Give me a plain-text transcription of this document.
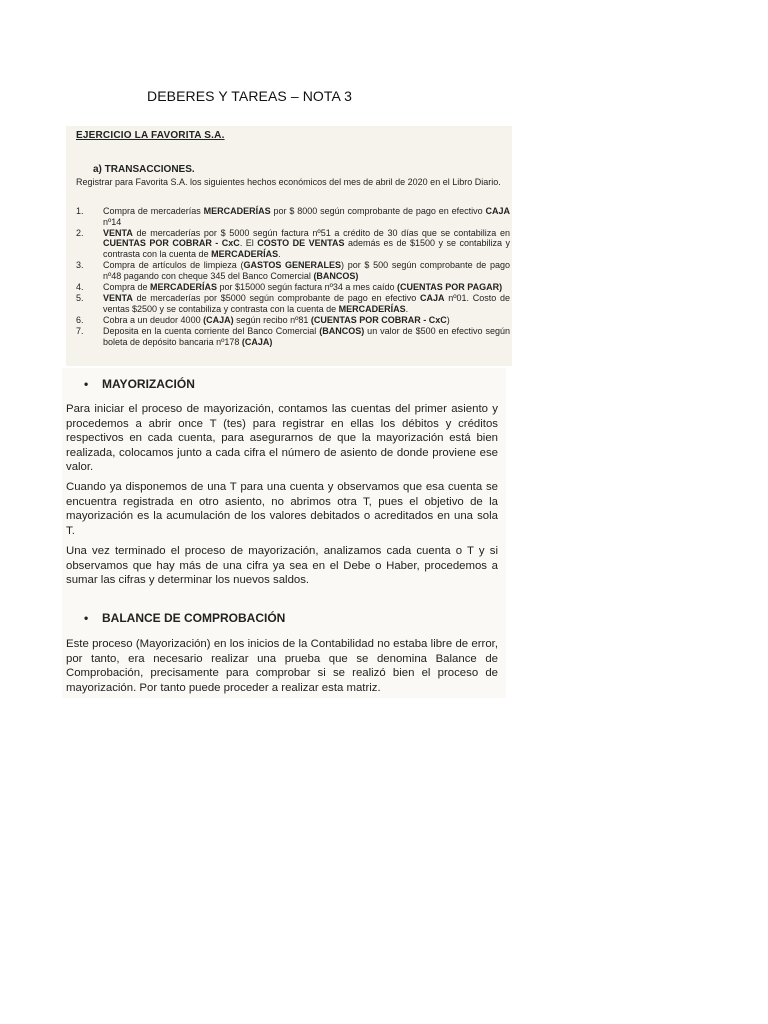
DEBERES Y TAREAS – NOTA 3
EJERCICIO LA FAVORITA S.A.
a) TRANSACCIONES.
Registrar para Favorita S.A. los siguientes hechos económicos del mes de abril de 2020 en el Libro Diario.
1. Compra de mercaderías MERCADERÍAS por $ 8000 según comprobante de pago en efectivo CAJA nº14
2. VENTA de mercaderías por $ 5000 según factura nº51 a crédito de 30 días que se contabiliza en CUENTAS POR COBRAR - CxC. El COSTO DE VENTAS además es de $1500 y se contabiliza y contrasta con la cuenta de MERCADERÍAS.
3. Compra de artículos de limpieza (GASTOS GENERALES) por $ 500 según comprobante de pago nº48 pagando con cheque 345 del Banco Comercial (BANCOS)
4. Compra de MERCADERÍAS por $15000 según factura nº34 a mes caído (CUENTAS POR PAGAR)
5. VENTA de mercaderías por $5000 según comprobante de pago en efectivo CAJA nº01. Costo de ventas $2500 y se contabiliza y contrasta con la cuenta de MERCADERÍAS.
6. Cobra a un deudor 4000 (CAJA) según recibo nº81 (CUENTAS POR COBRAR - CxC)
7. Deposita en la cuenta corriente del Banco Comercial (BANCOS) un valor de $500 en efectivo según boleta de depósito bancaria nº178 (CAJA)
• MAYORIZACIÓN
Para iniciar el proceso de mayorización, contamos las cuentas del primer asiento y procedemos a abrir once T (tes) para registrar en ellas los débitos y créditos respectivos en cada cuenta, para asegurarnos de que la mayorización está bien realizada, colocamos junto a cada cifra el número de asiento de donde proviene ese valor.
Cuando ya disponemos de una T para una cuenta y observamos que esa cuenta se encuentra registrada en otro asiento, no abrimos otra T, pues el objetivo de la mayorización es la acumulación de los valores debitados o acreditados en una sola T.
Una vez terminado el proceso de mayorización, analizamos cada cuenta o T y si observamos que hay más de una cifra ya sea en el Debe o Haber, procedemos a sumar las cifras y determinar los nuevos saldos.
• BALANCE DE COMPROBACIÓN
Este proceso (Mayorización) en los inicios de la Contabilidad no estaba libre de error, por tanto, era necesario realizar una prueba que se denomina Balance de Comprobación, precisamente para comprobar si se realizó bien el proceso de mayorización. Por tanto puede proceder a realizar esta matriz.
